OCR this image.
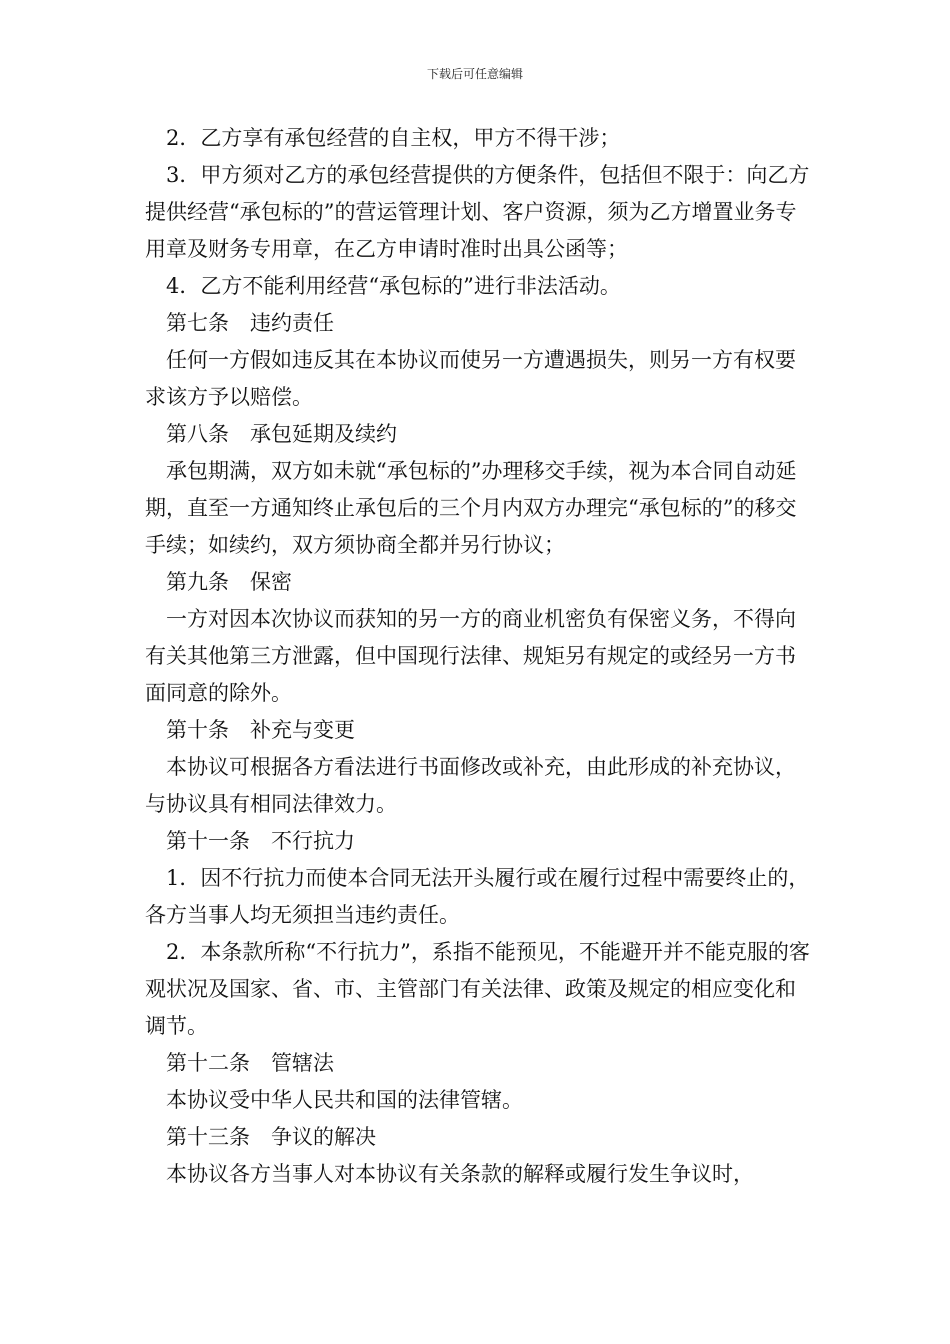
下载后可任意编辑

2．乙方享有承包经营的自主权，甲方不得干涉；

3．甲方须对乙方的承包经营提供的方便条件，包括但不限于：向乙方提供经营“承包标的”的营运管理计划、客户资源，须为乙方增置业务专用章及财务专用章，在乙方申请时准时出具公函等；

4．乙方不能利用经营“承包标的”进行非法活动。

第七条　违约责任

任何一方假如违反其在本协议而使另一方遭遇损失，则另一方有权要求该方予以赔偿。

第八条　承包延期及续约

承包期满，双方如未就“承包标的”办理移交手续，视为本合同自动延期，直至一方通知终止承包后的三个月内双方办理完“承包标的”的移交手续；如续约，双方须协商全都并另行协议；

第九条　保密

一方对因本次协议而获知的另一方的商业机密负有保密义务，不得向有关其他第三方泄露，但中国现行法律、规矩另有规定的或经另一方书面同意的除外。

第十条　补充与变更

本协议可根据各方看法进行书面修改或补充，由此形成的补充协议，与协议具有相同法律效力。

第十一条　不行抗力

1．因不行抗力而使本合同无法开头履行或在履行过程中需要终止的，各方当事人均无须担当违约责任。

2．本条款所称“不行抗力”，系指不能预见，不能避开并不能克服的客观状况及国家、省、市、主管部门有关法律、政策及规定的相应变化和调节。

第十二条　管辖法

本协议受中华人民共和国的法律管辖。

第十三条　争议的解决

本协议各方当事人对本协议有关条款的解释或履行发生争议时，
